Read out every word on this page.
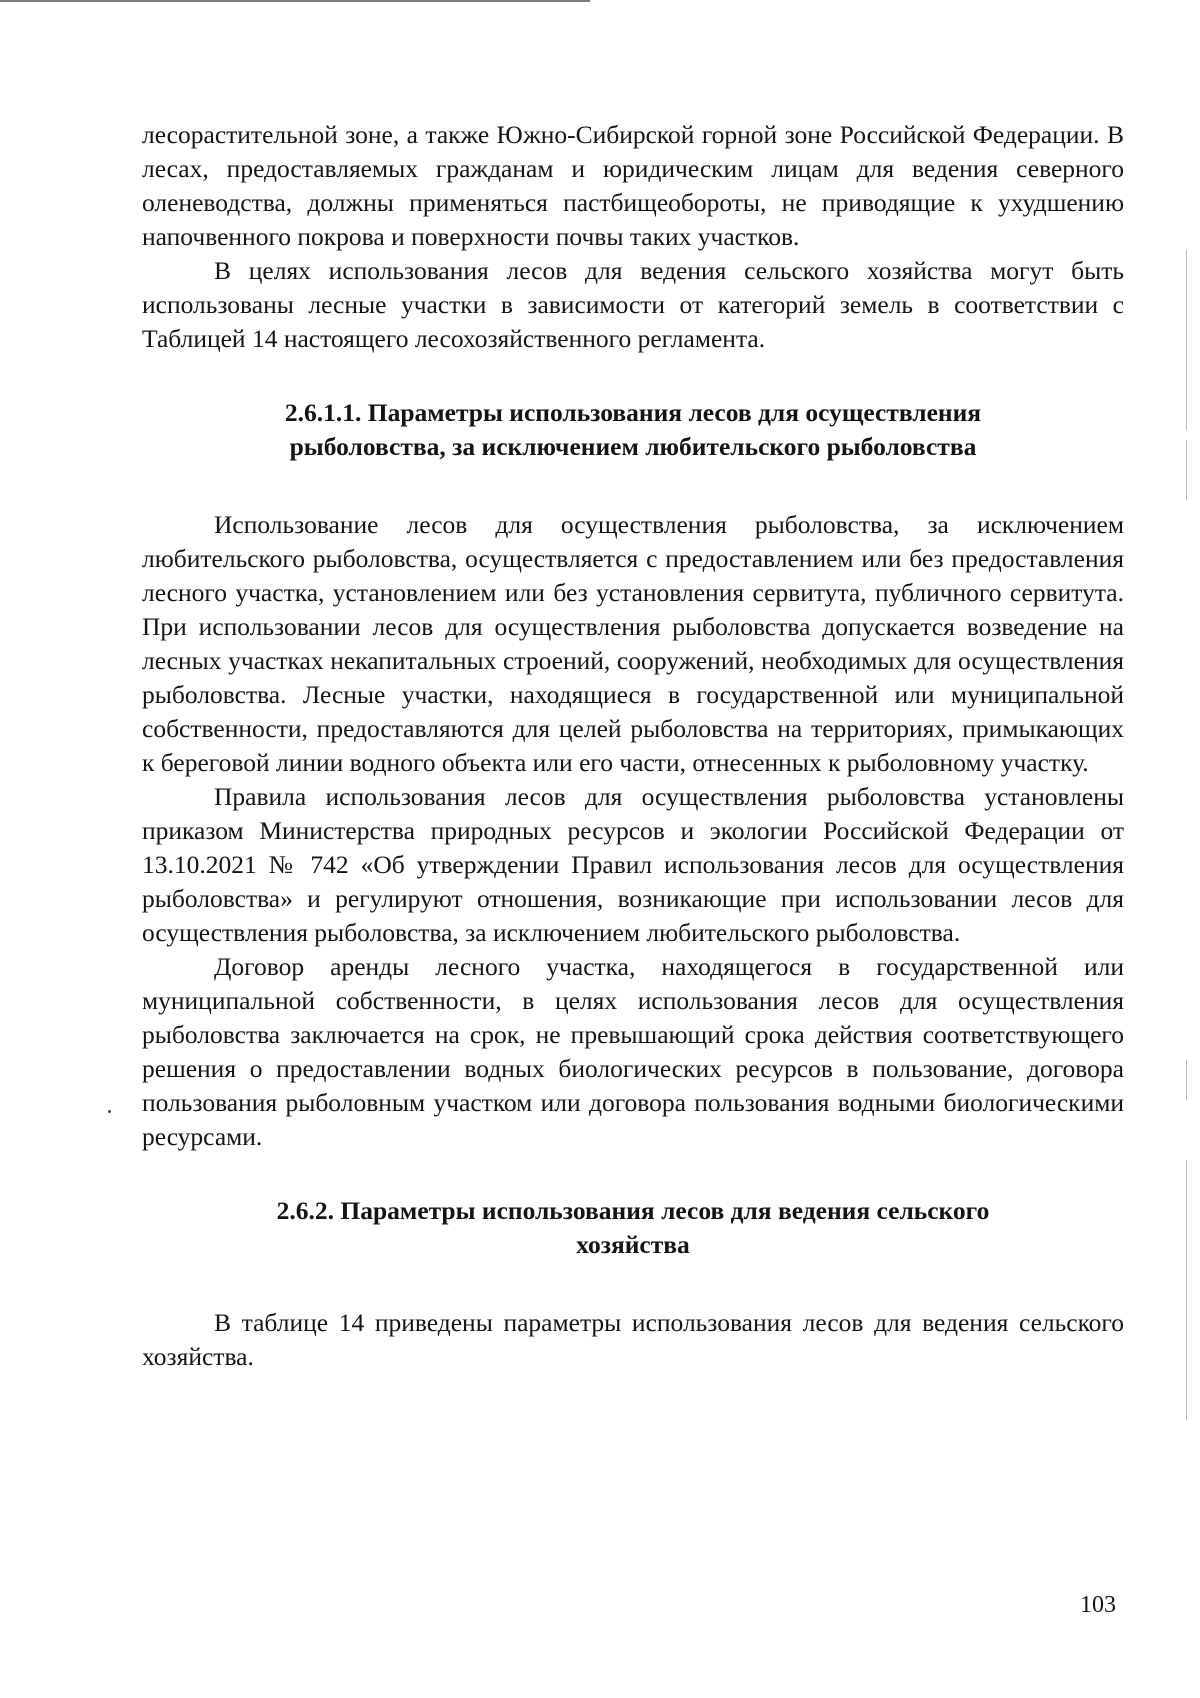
лесорастительной зоне, а также Южно-Сибирской горной зоне Российской Федерации. В лесах, предоставляемых гражданам и юридическим лицам для ведения северного оленеводства, должны применяться пастбищеобороты, не приводящие к ухудшению напочвенного покрова и поверхности почвы таких участков.

В целях использования лесов для ведения сельского хозяйства могут быть использованы лесные участки в зависимости от категорий земель в соответствии с Таблицей 14 настоящего лесохозяйственного регламента.

2.6.1.1. Параметры использования лесов для осуществления
рыболовства, за исключением любительского рыболовства

Использование лесов для осуществления рыболовства, за исключением любительского рыболовства, осуществляется с предоставлением или без предоставления лесного участка, установлением или без установления сервитута, публичного сервитута. При использовании лесов для осуществления рыболовства допускается возведение на лесных участках некапитальных строений, сооружений, необходимых для осуществления рыболовства. Лесные участки, находящиеся в государственной или муниципальной собственности, предоставляются для целей рыболовства на территориях, примыкающих к береговой линии водного объекта или его части, отнесенных к рыболовному участку.

Правила использования лесов для осуществления рыболовства установлены приказом Министерства природных ресурсов и экологии Российской Федерации от 13.10.2021 № 742 «Об утверждении Правил использования лесов для осуществления рыболовства» и регулируют отношения, возникающие при использовании лесов для осуществления рыболовства, за исключением любительского рыболовства.

Договор аренды лесного участка, находящегося в государственной или муниципальной собственности, в целях использования лесов для осуществления рыболовства заключается на срок, не превышающий срока действия соответствующего решения о предоставлении водных биологических ресурсов в пользование, договора пользования рыболовным участком или договора пользования водными биологическими ресурсами.

2.6.2. Параметры использования лесов для ведения сельского
хозяйства

В таблице 14 приведены параметры использования лесов для ведения сельского хозяйства.

103
